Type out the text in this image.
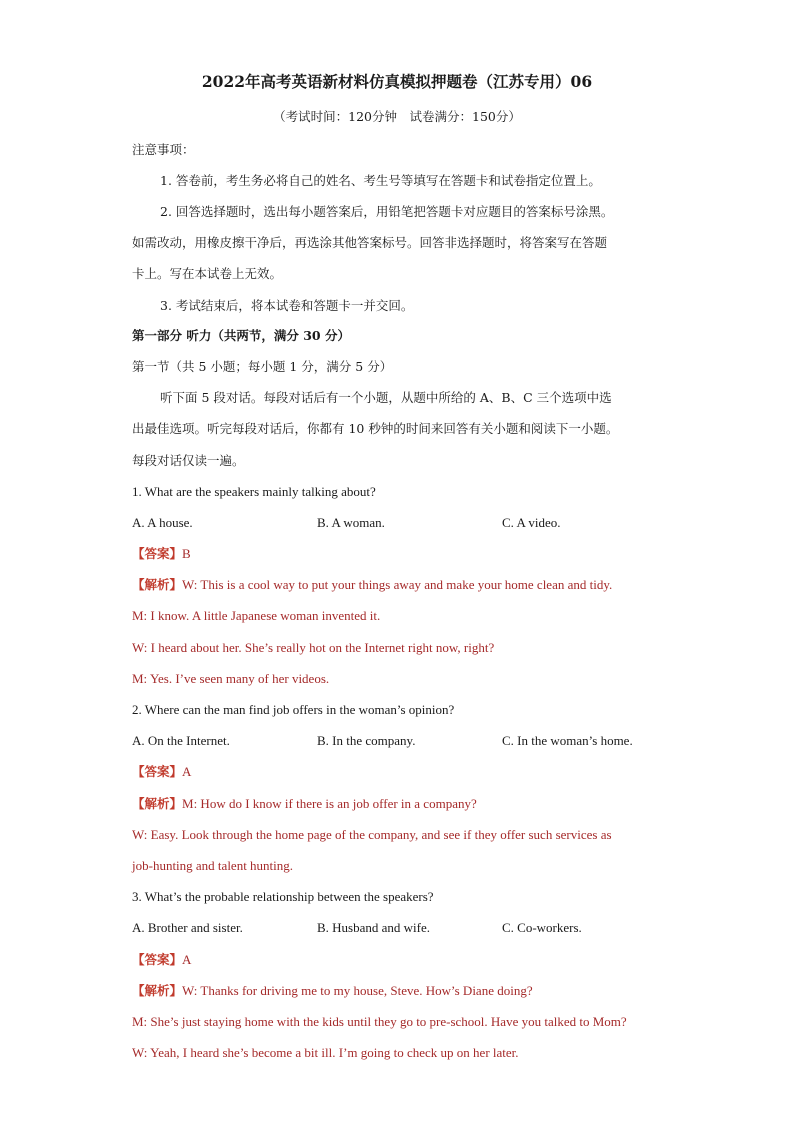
2022年高考英语新材料仿真模拟押题卷（江苏专用）06
（考试时间：120分钟　试卷满分：150分）
注意事项：
1. 答卷前，考生务必将自己的姓名、考生号等填写在答题卡和试卷指定位置上。
2. 回答选择题时，选出每小题答案后，用铅笔把答题卡对应题目的答案标号涂黑。
如需改动，用橡皮擦干净后，再选涂其他答案标号。回答非选择题时，将答案写在答题
卡上。写在本试卷上无效。
3. 考试结束后，将本试卷和答题卡一并交回。
第一部分 听力（共两节，满分 30 分）
第一节（共 5 小题；每小题 1 分，满分 5 分）
听下面 5 段对话。每段对话后有一个小题，从题中所给的 A、B、C 三个选项中选
出最佳选项。听完每段对话后，你都有 10 秒钟的时间来回答有关小题和阅读下一小题。
每段对话仅读一遍。
1. What are the speakers mainly talking about?
A. A house.	B. A woman.	C. A video.
【答案】B
【解析】W: This is a cool way to put your things away and make your home clean and tidy.
M: I know. A little Japanese woman invented it.
W: I heard about her. She’s really hot on the Internet right now, right?
M: Yes. I’ve seen many of her videos.
2. Where can the man find job offers in the woman’s opinion?
A. On the Internet.	B. In the company.	C. In the woman’s home.
【答案】A
【解析】M: How do I know if there is an job offer in a company?
W: Easy. Look through the home page of the company, and see if they offer such services as
job-hunting and talent hunting.
3. What’s the probable relationship between the speakers?
A. Brother and sister.	B. Husband and wife.	C. Co-workers.
【答案】A
【解析】W: Thanks for driving me to my house, Steve. How’s Diane doing?
M: She’s just staying home with the kids until they go to pre-school. Have you talked to Mom?
W: Yeah, I heard she’s become a bit ill. I’m going to check up on her later.
